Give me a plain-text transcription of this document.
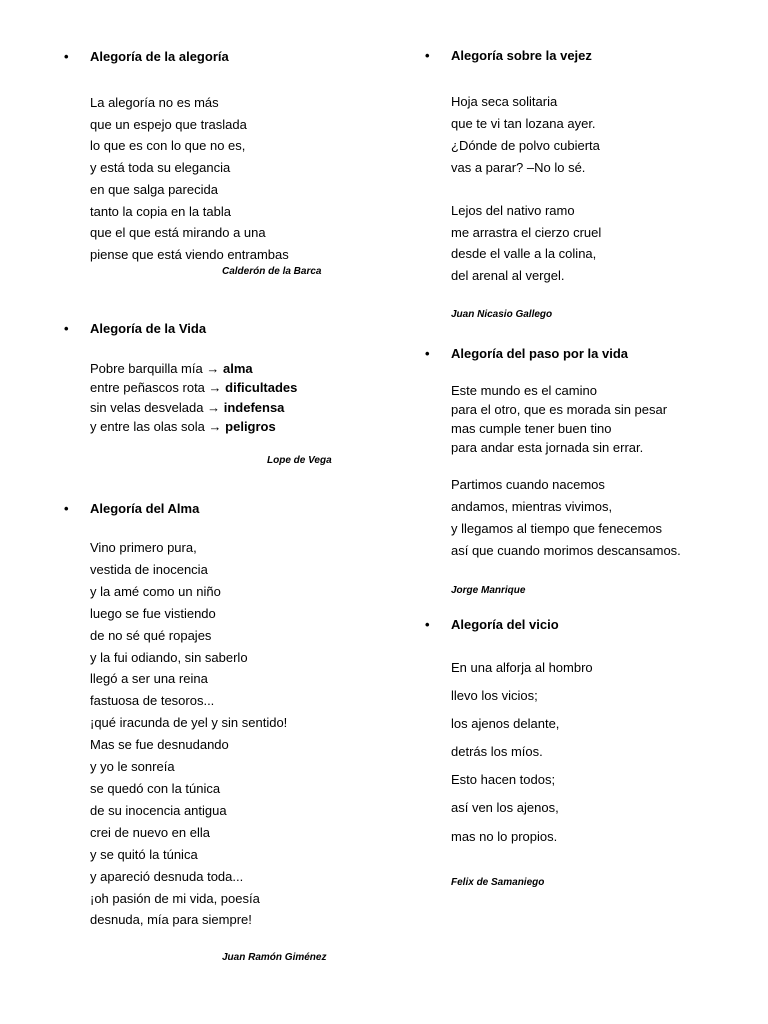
• Alegoría de la alegoría
La alegoría no es más
que un espejo que traslada
lo que es con lo que no es,
y está toda su elegancia
en que salga parecida
tanto la copia en la tabla
que el que está mirando a una
piense que está viendo entrambas
Calderón de la Barca
• Alegoría de la Vida
Pobre barquilla mía → alma
entre peñascos rota → dificultades
sin velas desvelada → indefensa
y entre las olas sola → peligros
Lope de Vega
• Alegoría del Alma
Vino primero pura,
vestida de inocencia
y la amé como un niño
luego se fue vistiendo
de no sé qué ropajes
y la fui odiando, sin saberlo
llegó a ser una reina
fastuosa de tesoros...
¡qué iracunda de yel y sin sentido!
Mas se fue desnudando
y yo le sonreía
se quedó con la túnica
de su inocencia antigua
crei de nuevo en ella
y se quitó la túnica
y apareció desnuda toda...
¡oh pasión de mi vida, poesía
desnuda, mía para siempre!
Juan Ramón Giménez
• Alegoría sobre la vejez
Hoja seca solitaria
que te vi tan lozana ayer.
¿Dónde de polvo cubierta
vas a parar? –No lo sé.
Lejos del nativo ramo
me arrastra el cierzo cruel
desde el valle a la colina,
del arenal al vergel.
Juan Nicasio Gallego
• Alegoría del paso por la vida
Este mundo es el camino
para el otro, que es morada sin pesar
mas cumple tener buen tino
para andar esta jornada sin errar.
Partimos cuando nacemos
andamos, mientras vivimos,
y llegamos al tiempo que fenecemos
así que cuando morimos descansamos.
Jorge Manrique
• Alegoría del vicio
En una alforja al hombro
llevo los vicios;
los ajenos delante,
detrás los míos.
Esto hacen todos;
así ven los ajenos,
mas no lo propios.
Felix de Samaniego
